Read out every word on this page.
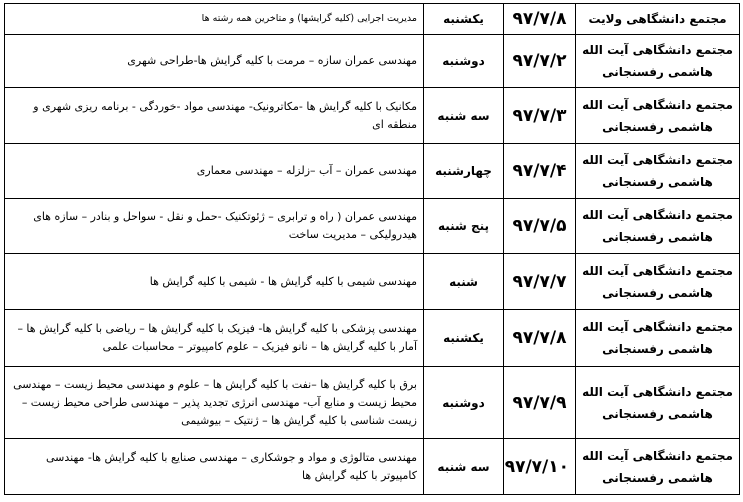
مجتمع دانشگاهی ولایت	۹۷/۷/۸	یکشنبه	مدیریت اجرایی (کلیه گرایشها) و متاخرین همه رشته ها
مجتمع دانشگاهی آیت الله هاشمی رفسنجانی	۹۷/۷/۲	دوشنبه	مهندسی عمران سازه – مرمت با کلیه گرایش ها-طراحی شهری
مجتمع دانشگاهی آیت الله هاشمی رفسنجانی	۹۷/۷/۳	سه شنبه	مکانیک با کلیه گرایش ها -مکاترونیک- مهندسی مواد -خوردگی - برنامه ریزی شهری و منطقه ای
مجتمع دانشگاهی آیت الله هاشمی رفسنجانی	۹۷/۷/۴	چهارشنبه	مهندسی عمران – آب –زلزله – مهندسی معماری
مجتمع دانشگاهی آیت الله هاشمی رفسنجانی	۹۷/۷/۵	پنج شنبه	مهندسی عمران ( راه و ترابری – ژئوتکنیک -حمل و نقل - سواحل و بنادر – سازه های هیدرولیکی – مدیریت ساخت
مجتمع دانشگاهی آیت الله هاشمی رفسنجانی	۹۷/۷/۷	شنبه	مهندسی شیمی با کلیه گرایش ها - شیمی با کلیه گرایش ها
مجتمع دانشگاهی آیت الله هاشمی رفسنجانی	۹۷/۷/۸	یکشنبه	مهندسی پزشکی با کلیه گرایش ها- فیزیک با کلیه گرایش ها – ریاضی با کلیه گرایش ها – آمار با کلیه گرایش ها – نانو فیزیک – علوم کامپیوتر – محاسبات علمی
مجتمع دانشگاهی آیت الله هاشمی رفسنجانی	۹۷/۷/۹	دوشنبه	برق با کلیه گرایش ها –نفت با کلیه گرایش ها – علوم و مهندسی محیط زیست – مهندسی محیط زیست و منابع آب- مهندسی انرژی تجدید پذیر – مهندسی طراحی محیط زیست – زیست شناسی با کلیه گرایش ها – ژنتیک – بیوشیمی
مجتمع دانشگاهی آیت الله هاشمی رفسنجانی	۹۷/۷/۱۰	سه شنبه	مهندسی متالوژی و مواد و جوشکاری – مهندسی صنایع با کلیه گرایش ها- مهندسی کامپیوتر با کلیه گرایش ها
